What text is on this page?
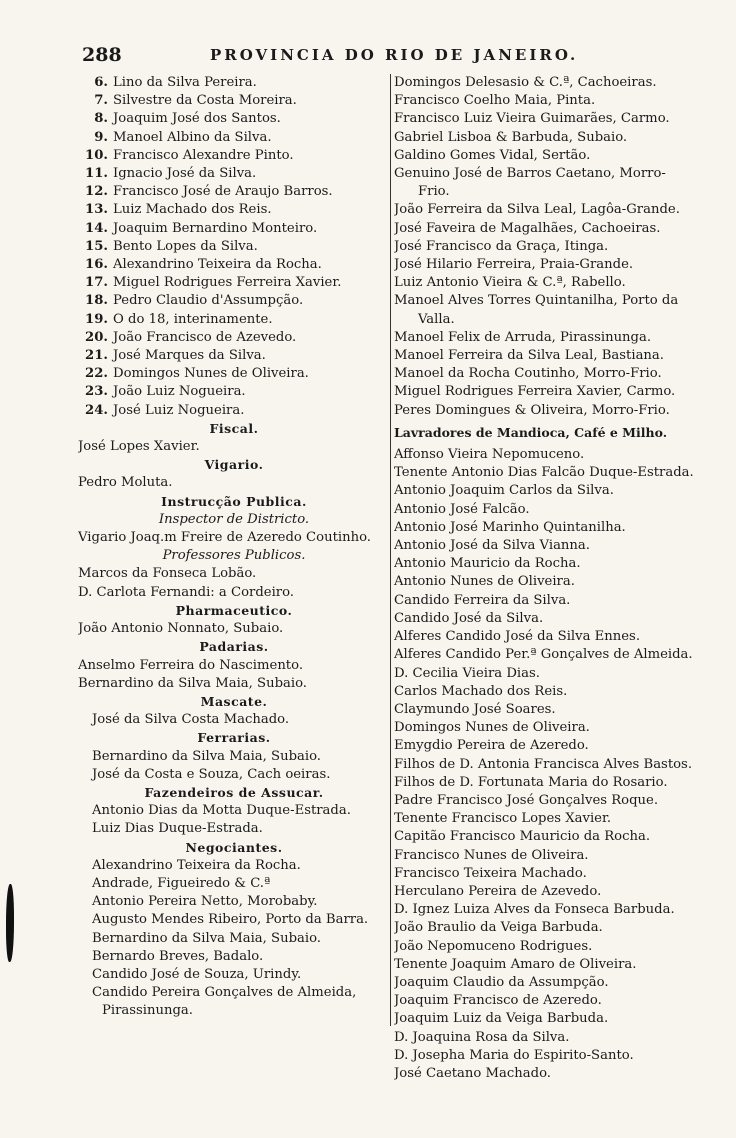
288	PROVINCIA DO RIO DE JANEIRO.
6. Lino da Silva Pereira.
7. Silvestre da Costa Moreira.
8. Joaquim José dos Santos.
9. Manoel Albino da Silva.
10. Francisco Alexandre Pinto.
11. Ignacio José da Silva.
12. Francisco José de Araujo Barros.
13. Luiz Machado dos Reis.
14. Joaquim Bernardino Monteiro.
15. Bento Lopes da Silva.
16. Alexandrino Teixeira da Rocha.
17. Miguel Rodrigues Ferreira Xavier.
18. Pedro Claudio d'Assumpção.
19. O do 18, interinamente.
20. João Francisco de Azevedo.
21. José Marques da Silva.
22. Domingos Nunes de Oliveira.
23. João Luiz Nogueira.
24. José Luiz Nogueira.
Fiscal.
José Lopes Xavier.
Vigario.
Pedro Moluta.
Instrucção Publica.
Inspector de Districto.
Vigario Joaq.m Freire de Azeredo Coutinho.
Professores Publicos.
Marcos da Fonseca Lobão.
D. Carlota Fernandi: a Cordeiro.
Pharmaceutico.
João Antonio Nonnato, Subaio.
Padarias.
Anselmo Ferreira do Nascimento.
Bernardino da Silva Maia, Subaio.
Mascate.
José da Silva Costa Machado.
Ferrarias.
Bernardino da Silva Maia, Subaio.
José da Costa e Souza, Cach oeiras.
Fazendeiros de Assucar.
Antonio Dias da Motta Duque-Estrada.
Luiz Dias Duque-Estrada.
Negociantes.
Alexandrino Teixeira da Rocha.
Andrade, Figueiredo & C.ª
Antonio Pereira Netto, Morobaby.
Augusto Mendes Ribeiro, Porto da Barra.
Bernardino da Silva Maia, Subaio.
Bernardo Breves, Badalo.
Candido José de Souza, Urindy.
Candido Pereira Gonçalves de Almeida,
Pirassinunga.
Domingos Delesasio & C.ª, Cachoeiras.
Francisco Coelho Maia, Pinta.
Francisco Luiz Vieira Guimarães, Carmo.
Gabriel Lisboa & Barbuda, Subaio.
Galdino Gomes Vidal, Sertão.
Genuino José de Barros Caetano, Morro-
Frio.
João Ferreira da Silva Leal, Lagôa-Grande.
José Faveira de Magalhães, Cachoeiras.
José Francisco da Graça, Itinga.
José Hilario Ferreira, Praia-Grande.
Luiz Antonio Vieira & C.ª, Rabello.
Manoel Alves Torres Quintanilha, Porto da
Valla.
Manoel Felix de Arruda, Pirassinunga.
Manoel Ferreira da Silva Leal, Bastiana.
Manoel da Rocha Coutinho, Morro-Frio.
Miguel Rodrigues Ferreira Xavier, Carmo.
Peres Domingues & Oliveira, Morro-Frio.
Lavradores de Mandioca, Café e Milho.
Affonso Vieira Nepomuceno.
Tenente Antonio Dias Falcão Duque-Estrada.
Antonio Joaquim Carlos da Silva.
Antonio José Falcão.
Antonio José Marinho Quintanilha.
Antonio José da Silva Vianna.
Antonio Mauricio da Rocha.
Antonio Nunes de Oliveira.
Candido Ferreira da Silva.
Candido José da Silva.
Alferes Candido José da Silva Ennes.
Alferes Candido Per.ª Gonçalves de Almeida.
D. Cecilia Vieira Dias.
Carlos Machado dos Reis.
Claymundo José Soares.
Domingos Nunes de Oliveira.
Emygdio Pereira de Azeredo.
Filhos de D. Antonia Francisca Alves Bastos.
Filhos de D. Fortunata Maria do Rosario.
Padre Francisco José Gonçalves Roque.
Tenente Francisco Lopes Xavier.
Capitão Francisco Mauricio da Rocha.
Francisco Nunes de Oliveira.
Francisco Teixeira Machado.
Herculano Pereira de Azevedo.
D. Ignez Luiza Alves da Fonseca Barbuda.
João Braulio da Veiga Barbuda.
João Nepomuceno Rodrigues.
Tenente Joaquim Amaro de Oliveira.
Joaquim Claudio da Assumpção.
Joaquim Francisco de Azeredo.
Joaquim Luiz da Veiga Barbuda.
D. Joaquina Rosa da Silva.
D. Josepha Maria do Espirito-Santo.
José Caetano Machado.
